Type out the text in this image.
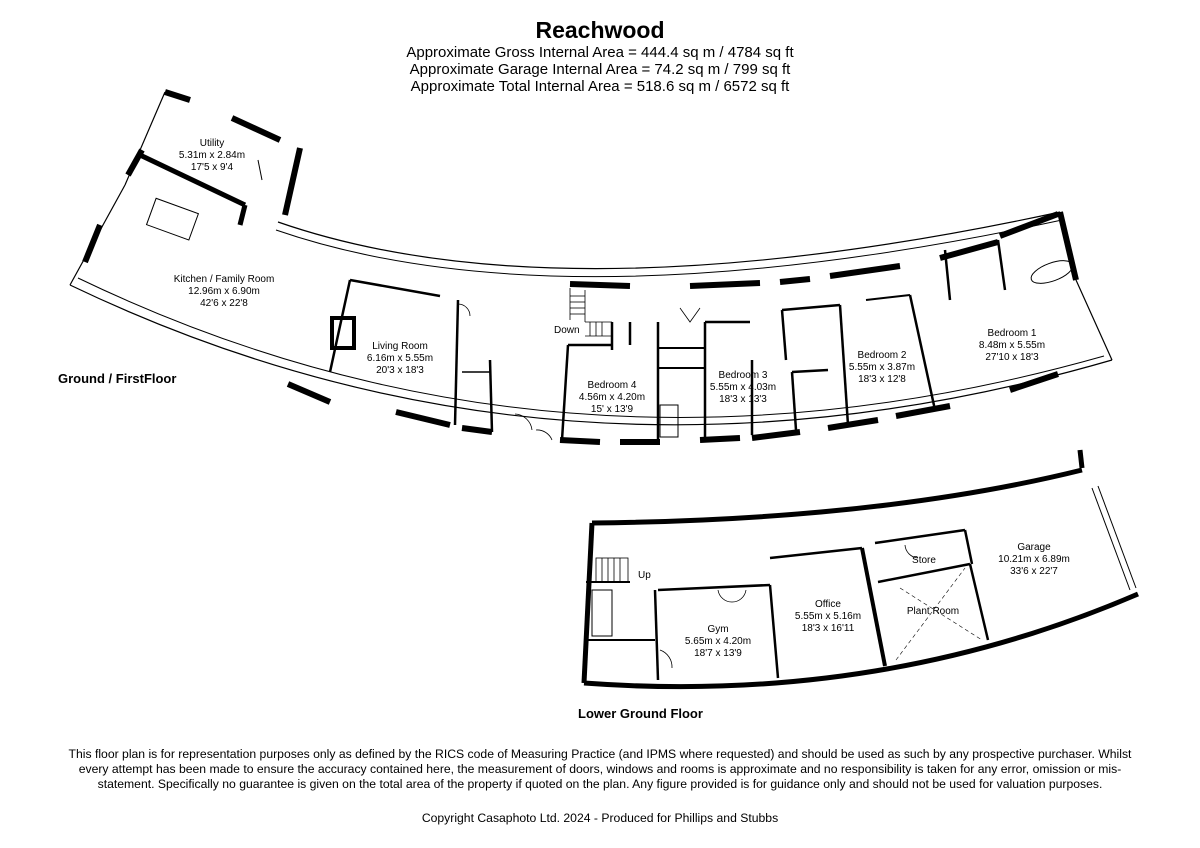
Reachwood
Approximate Gross Internal Area = 444.4 sq m / 4784 sq ft
Approximate Garage Internal Area = 74.2 sq m / 799 sq ft
Approximate Total Internal Area = 518.6 sq m / 6572 sq ft
Utility
5.31m x 2.84m
17'5 x 9'4
Kitchen / Family Room
12.96m x 6.90m
42'6 x 22'8
Living Room
6.16m x 5.55m
20'3 x 18'3
Bedroom 4
4.56m x 4.20m
15' x 13'9
Bedroom 3
5.55m x 4.03m
18'3 x 13'3
Bedroom 2
5.55m x 3.87m
18'3 x 12'8
Bedroom 1
8.48m x 5.55m
27'10 x 18'3
Down
Ground / FirstFloor
Gym
5.65m x 4.20m
18'7 x 13'9
Office
5.55m x 5.16m
18'3 x 16'11
Garage
10.21m x 6.89m
33'6 x 22'7
Store
Plant Room
Up
Lower Ground Floor
This floor plan is for representation purposes only as defined by the RICS code of Measuring Practice (and IPMS where requested) and should be used as such by any prospective purchaser. Whilst every attempt has been made to ensure the accuracy contained here, the measurement of doors, windows and rooms is approximate and no responsibility is taken for any error, omission or mis-statement. Specifically no guarantee is given on the total area of the property if quoted on the plan. Any figure provided is for guidance only and should not be used for valuation purposes.
Copyright Casaphoto Ltd. 2024 - Produced for Phillips and Stubbs
